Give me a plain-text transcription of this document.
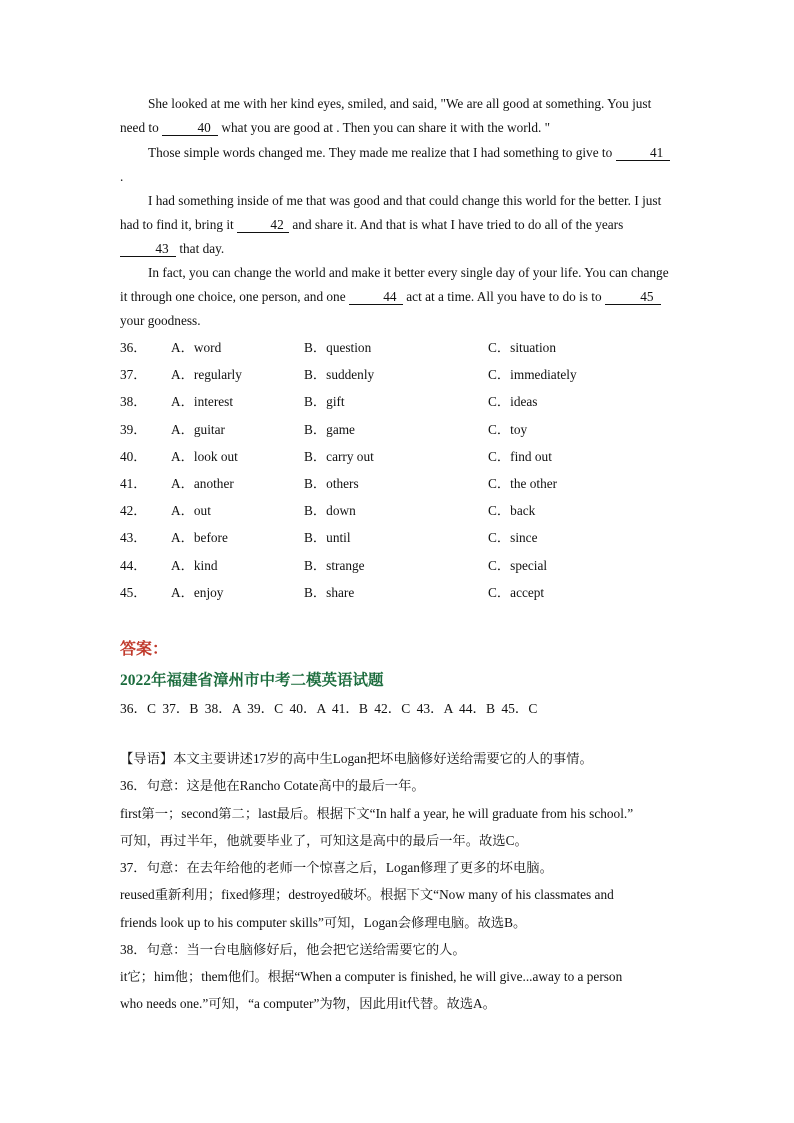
She looked at me with her kind eyes, smiled, and said, "We are all good at something. You just need to	40 what you are good at . Then you can share it with the world. "

Those simple words changed me. They made me realize that I had something to give to	41.

I had something inside of me that was good and that could change this world for the better. I just had to find it, bring it	42 and share it. And that is what I have tried to do all of the years 43 that day.

In fact, you can change the world and make it better every single day of your life. You can change it through one choice, one person, and one	44 act at a time. All you have to do is to	45 your goodness.

36． A．word	B．question	C．situation
37． A．regularly	B．suddenly	C．immediately
38． A．interest	B．gift	C．ideas
39． A．guitar	B．game	C．toy
40． A．look out	B．carry out	C．find out
41． A．another	B．others	C．the other
42． A．out	B．down	C．back
43． A．before	B．until	C．since
44． A．kind	B．strange	C．special
45． A．enjoy	B．share	C．accept

答案：

2022年福建省漳州市中考二模英语试题

36．C 37．B 38．A 39．C 40．A 41．B 42．C 43．A 44．B 45．C

【导语】本文主要讲述17岁的高中生Logan把坏电脑修好送给需要它的人的事情。

36．句意：这是他在Rancho Cotate高中的最后一年。

first第一；second第二；last最后。根据下文“In half a year, he will graduate from his school.”

可知，再过半年，他就要毕业了，可知这是高中的最后一年。故选C。

37．句意：在去年给他的老师一个惊喜之后，Logan修理了更多的坏电脑。

reused重新利用；fixed修理；destroyed破坏。根据下文“Now many of his classmates and

friends look up to his computer skills”可知，Logan会修理电脑。故选B。

38．句意：当一台电脑修好后，他会把它送给需要它的人。

it它；him他；them他们。根据“When a computer is finished, he will give...away to a person

who needs one.”可知，“a computer”为物，因此用it代替。故选A。
